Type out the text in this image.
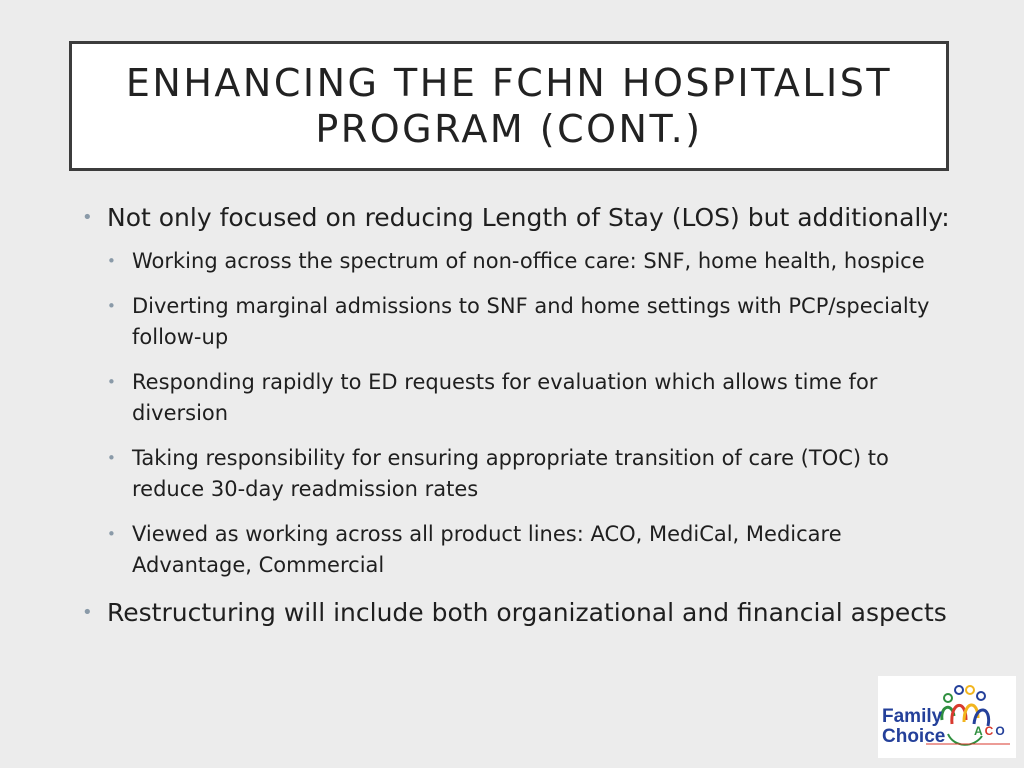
ENHANCING THE FCHN HOSPITALIST PROGRAM (CONT.)
• Not only focused on reducing Length of Stay (LOS) but additionally:
• Working across the spectrum of non-office care: SNF, home health, hospice
• Diverting marginal admissions to SNF and home settings with PCP/specialty follow-up
• Responding rapidly to ED requests for evaluation which allows time for diversion
• Taking responsibility for ensuring appropriate transition of care (TOC) to reduce 30-day readmission rates
• Viewed as working across all product lines: ACO, MediCal, Medicare Advantage, Commercial
• Restructuring will include both organizational and financial aspects
Family
Choice ACO
